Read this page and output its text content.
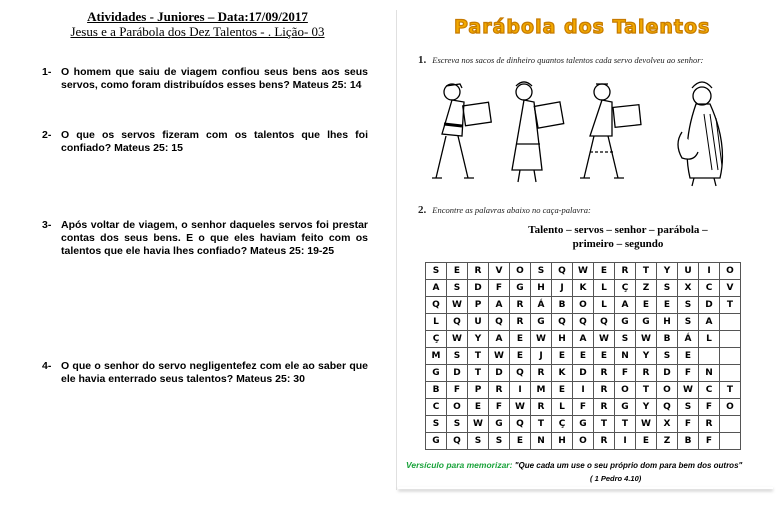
Atividades - Juniores – Data:17/09/2017
Jesus e a Parábola dos Dez Talentos - . Lição- 03
1- O homem que saiu de viagem confiou seus bens aos seus servos, como foram distribuídos esses bens? Mateus 25: 14
2- O que os servos fizeram com os talentos que lhes foi confiado? Mateus 25: 15
3- Após voltar de viagem, o senhor daqueles servos foi prestar contas dos seus bens. E o que eles haviam feito com os talentos que ele havia lhes confiado? Mateus 25: 19-25
4- O que o senhor do servo negligentefez com ele ao saber que ele havia enterrado seus talentos? Mateus 25: 30
Parábola dos Talentos
1. Escreva nos sacos de dinheiro quantos talentos cada servo devolveu ao senhor:
2. Encontre as palavras abaixo no caça-palavra:
Talento – servos – senhor – parábola –
primeiro – segundo
S	E	R	V	O	S	Q	W	E	R	T	Y	U	I	O
A	S	D	F	G	H	J	K	L	Ç	Z	S	X	C	V
Q	W	P	A	R	Á	B	O	L	A	E	E	S	D	T
L	Q	U	Q	R	G	Q	Q	Q	G	G	H	S	A	
Ç	W	Y	A	E	W	H	A	W	S	W	B	Á	L	
M	S	T	W	E	J	E	E	E	N	Y	S	E		
G	D	T	D	Q	R	K	D	R	F	R	D	F	N	
B	F	P	R	I	M	E	I	R	O	T	O	W	C	T
C	O	E	F	W	R	L	F	R	G	Y	Q	S	F	O
S	S	W	G	Q	T	Ç	G	T	T	W	X	F	R	
G	Q	S	S	E	N	H	O	R	I	E	Z	B	F	
Versículo para memorizar: "Que cada um use o seu próprio dom para bem dos outros"
( 1 Pedro 4.10)
